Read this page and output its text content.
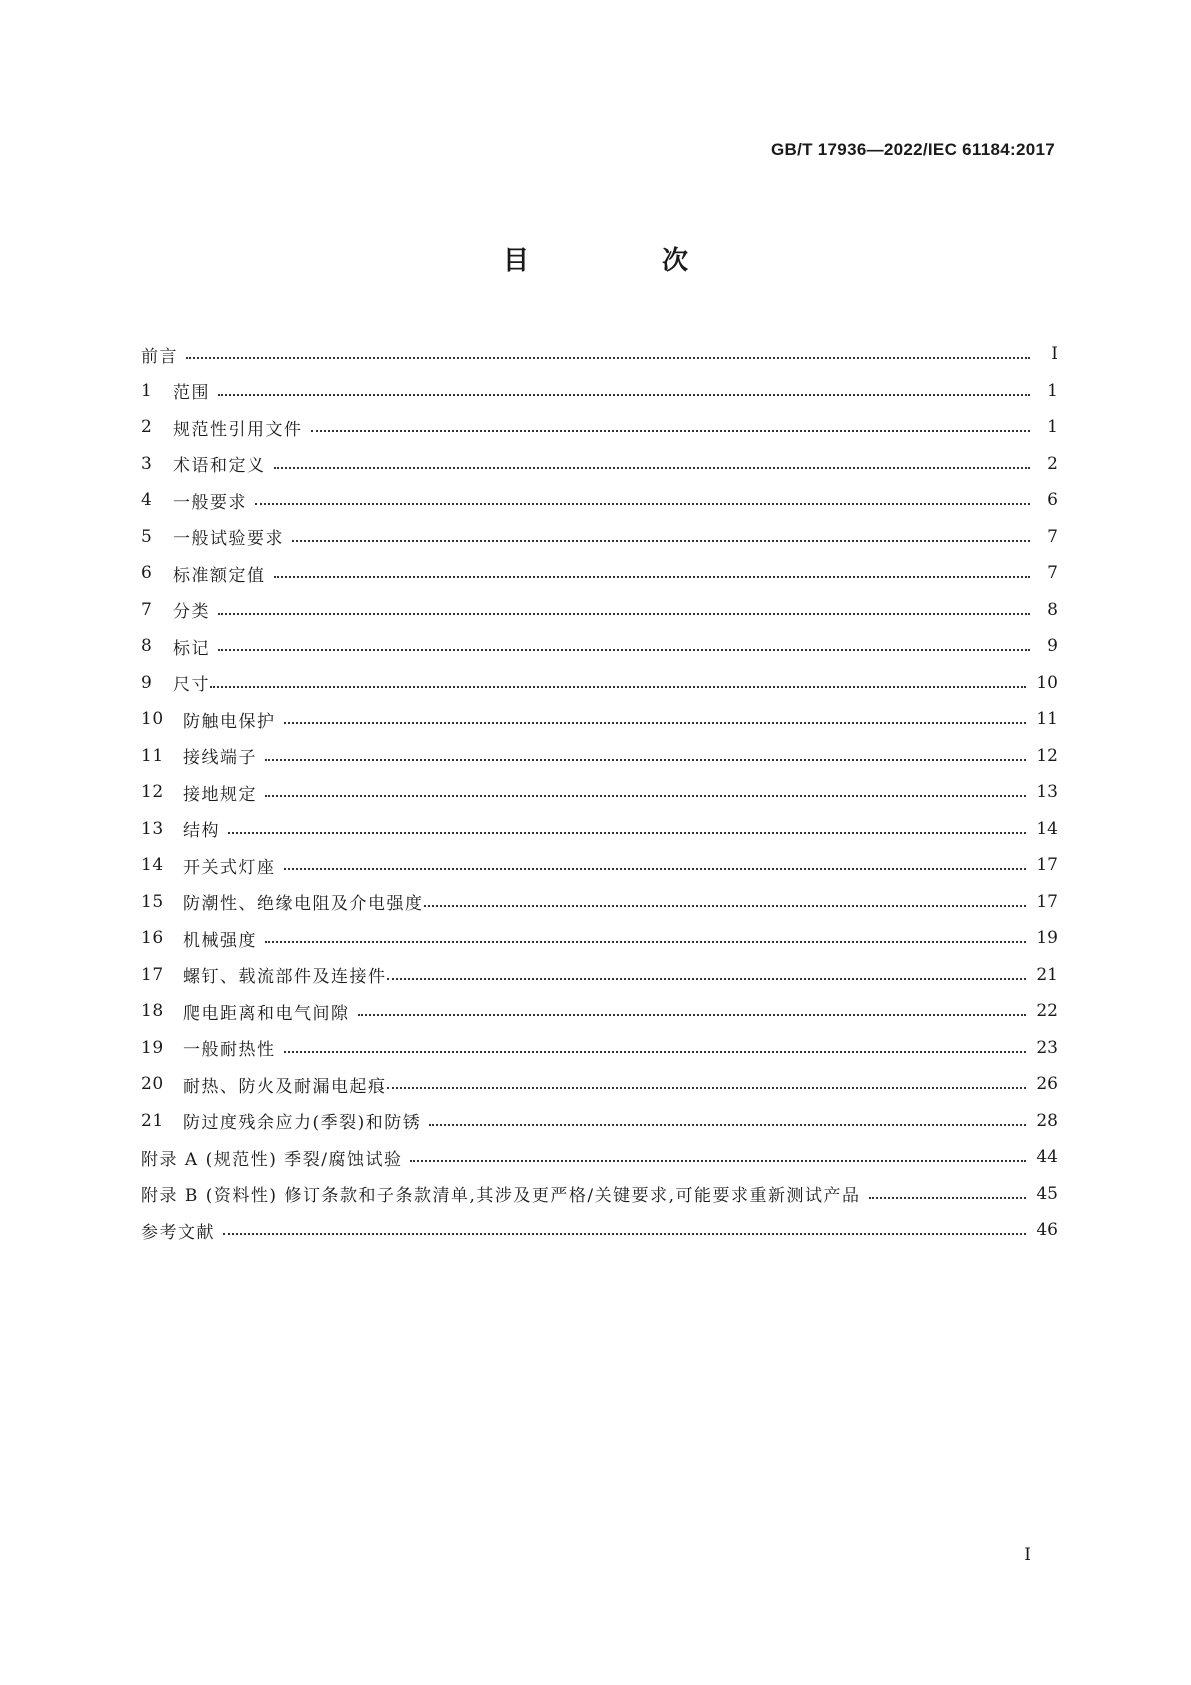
GB/T 17936—2022/IEC 61184:2017
目 次
前言	Ⅰ
1	范围	1
2	规范性引用文件	1
3	术语和定义	2
4	一般要求	6
5	一般试验要求	7
6	标准额定值	7
7	分类	8
8	标记	9
9	尺寸	10
10	防触电保护	11
11	接线端子	12
12	接地规定	13
13	结构	14
14	开关式灯座	17
15	防潮性、绝缘电阻及介电强度	17
16	机械强度	19
17	螺钉、载流部件及连接件	21
18	爬电距离和电气间隙	22
19	一般耐热性	23
20	耐热、防火及耐漏电起痕	26
21	防过度残余应力(季裂)和防锈	28
附录 A (规范性) 季裂/腐蚀试验	44
附录 B (资料性) 修订条款和子条款清单,其涉及更严格/关键要求,可能要求重新测试产品	45
参考文献	46
Ⅰ
